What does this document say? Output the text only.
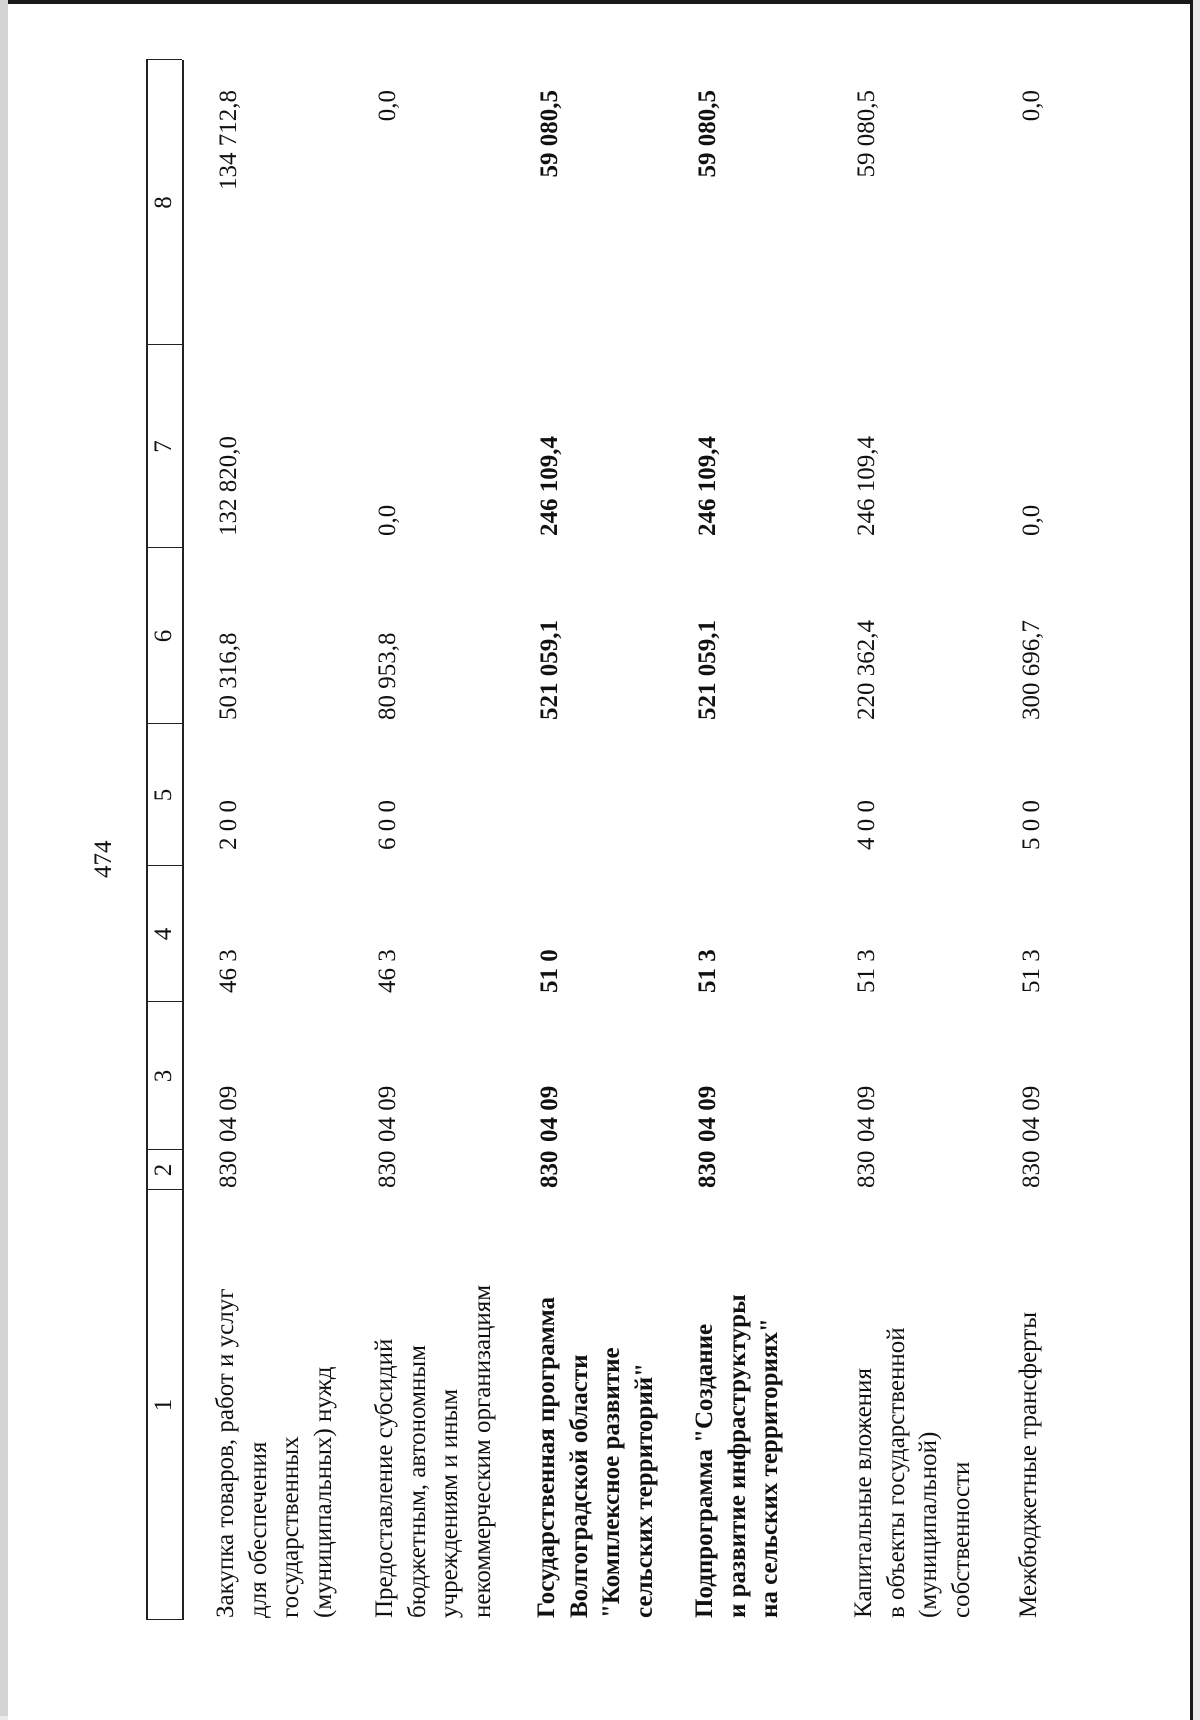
474
1
2
3
4
5
6
7
8
Закупка товаров, работ и услуг для обеспечения государственных (муниципальных) нужд
830
04 09
46 3
2 0 0
50 316,8
132 820,0
134 712,8
Предоставление субсидий бюджетным, автономным учреждениям и иным некоммерческим организациям
830
04 09
46 3
6 0 0
80 953,8
0,0
0,0
Государственная программа Волгоградской области "Комплексное развитие сельских территорий"
830
04 09
51 0
521 059,1
246 109,4
59 080,5
Подпрограмма "Создание и развитие инфраструктуры на сельских территориях"
830
04 09
51 3
521 059,1
246 109,4
59 080,5
Капитальные вложения в объекты государственной (муниципальной) собственности
830
04 09
51 3
4 0 0
220 362,4
246 109,4
59 080,5
Межбюджетные трансферты
830
04 09
51 3
5 0 0
300 696,7
0,0
0,0
